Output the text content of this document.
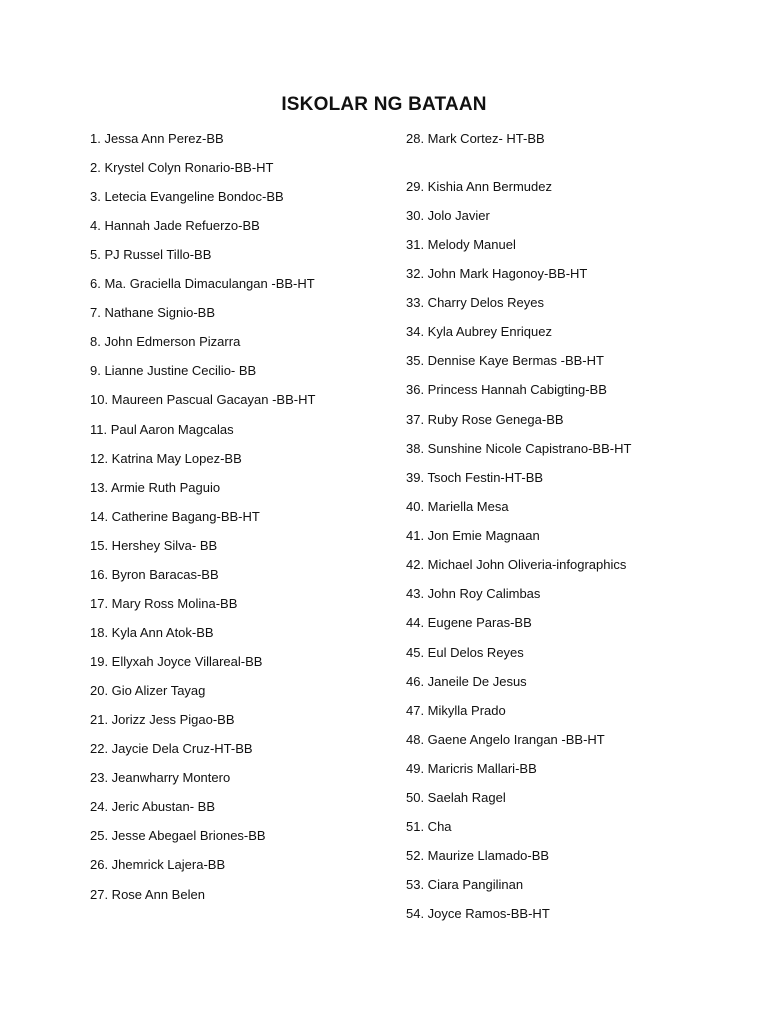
ISKOLAR NG BATAAN
1. Jessa Ann Perez-BB
2. Krystel Colyn Ronario-BB-HT
3. Letecia Evangeline Bondoc-BB
4. Hannah Jade Refuerzo-BB
5. PJ Russel Tillo-BB
6. Ma. Graciella Dimaculangan -BB-HT
7. Nathane Signio-BB
8. John Edmerson Pizarra
9. Lianne Justine Cecilio- BB
10. Maureen Pascual Gacayan -BB-HT
11. Paul Aaron Magcalas
12. Katrina May Lopez-BB
13. Armie Ruth Paguio
14. Catherine Bagang-BB-HT
15. Hershey Silva- BB
16. Byron Baracas-BB
17. Mary Ross Molina-BB
18. Kyla Ann Atok-BB
19. Ellyxah Joyce Villareal-BB
20. Gio Alizer Tayag
21. Jorizz Jess Pigao-BB
22. Jaycie Dela Cruz-HT-BB
23. Jeanwharry Montero
24. Jeric Abustan- BB
25. Jesse Abegael Briones-BB
26. Jhemrick Lajera-BB
27. Rose Ann Belen
28. Mark Cortez- HT-BB
29. Kishia Ann Bermudez
30. Jolo Javier
31. Melody Manuel
32. John Mark Hagonoy-BB-HT
33. Charry Delos Reyes
34. Kyla Aubrey Enriquez
35. Dennise Kaye Bermas -BB-HT
36. Princess Hannah Cabigting-BB
37. Ruby Rose Genega-BB
38. Sunshine Nicole Capistrano-BB-HT
39. Tsoch Festin-HT-BB
40. Mariella Mesa
41. Jon Emie Magnaan
42. Michael John Oliveria-infographics
43. John Roy Calimbas
44. Eugene Paras-BB
45. Eul Delos Reyes
46. Janeile De Jesus
47. Mikylla Prado
48. Gaene Angelo Irangan -BB-HT
49. Maricris Mallari-BB
50. Saelah Ragel
51. Cha
52. Maurize Llamado-BB
53. Ciara Pangilinan
54. Joyce Ramos-BB-HT
